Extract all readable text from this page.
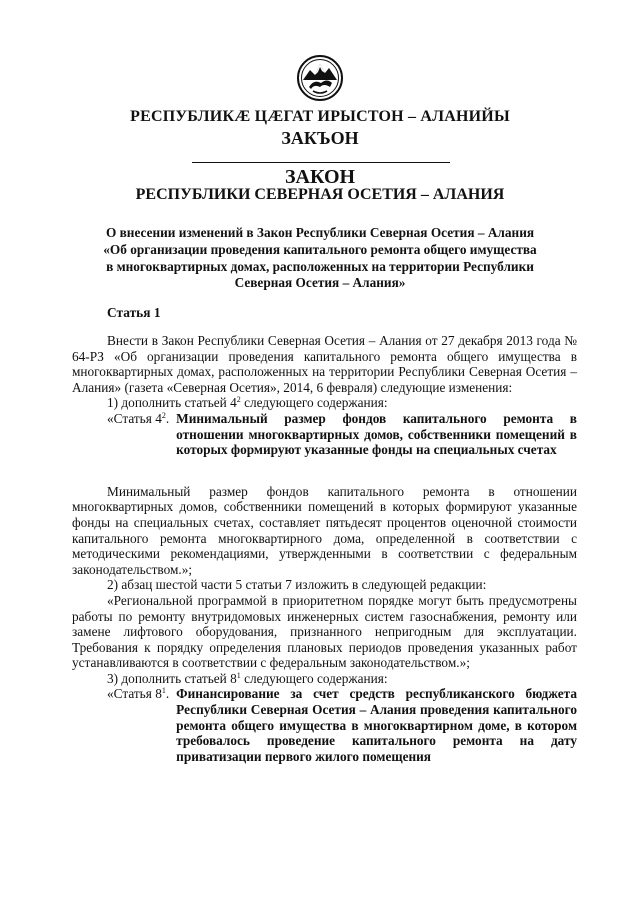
РЕСПУБЛИКӔ ЦӔГАТ ИРЫСТОН – АЛАНИЙЫ
ЗАКЪОН
ЗАКОН
РЕСПУБЛИКИ СЕВЕРНАЯ ОСЕТИЯ – АЛАНИЯ
О внесении изменений в Закон Республики Северная Осетия – Алания «Об организации проведения капитального ремонта общего имущества в многоквартирных домах, расположенных на территории Республики Северная Осетия – Алания»
Статья 1

Внести в Закон Республики Северная Осетия – Алания от 27 декабря 2013 года № 64-РЗ «Об организации проведения капитального ремонта общего имущества в многоквартирных домах, расположенных на территории Республики Северная Осетия – Алания» (газета «Северная Осетия», 2014, 6 февраля) следующие изменения:

1) дополнить статьей $4^2$ следующего содержания:

«Статья $4^2$. Минимальный размер фондов капитального ремонта в отношении многоквартирных домов, собственники помещений в которых формируют указанные фонды на специальных счетах

Минимальный размер фондов капитального ремонта в отношении многоквартирных домов, собственники помещений в которых формируют указанные фонды на специальных счетах, составляет пятьдесят процентов оценочной стоимости капитального ремонта многоквартирного дома, определенной в соответствии с методическими рекомендациями, утвержденными в соответствии с федеральным законодательством.»;

2) абзац шестой части 5 статьи 7 изложить в следующей редакции:

«Региональной программой в приоритетном порядке могут быть предусмотрены работы по ремонту внутридомовых инженерных систем газоснабжения, ремонту или замене лифтового оборудования, признанного непригодным для эксплуатации. Требования к порядку определения плановых периодов проведения указанных работ устанавливаются в соответствии с федеральным законодательством.»;

3) дополнить статьей $8^1$ следующего содержания:

«Статья $8^1$. Финансирование за счет средств республиканского бюджета Республики Северная Осетия – Алания проведения капитального ремонта общего имущества в многоквартирном доме, в котором требовалось проведение капитального ремонта на дату приватизации первого жилого помещения
